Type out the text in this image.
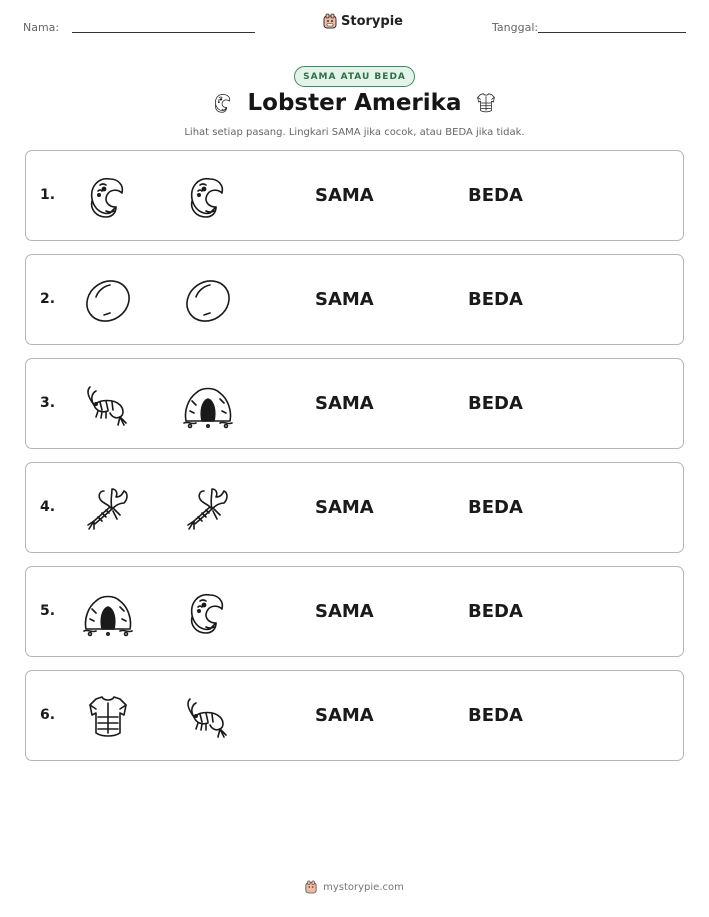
Nama:	Storypie	Tanggal:
SAMA ATAU BEDA
Lobster Amerika
Lihat setiap pasang. Lingkari SAMA jika cocok, atau BEDA jika tidak.
1.	SAMA	BEDA
2.	SAMA	BEDA
3.	SAMA	BEDA
4.	SAMA	BEDA
5.	SAMA	BEDA
6.	SAMA	BEDA
mystorypie.com
